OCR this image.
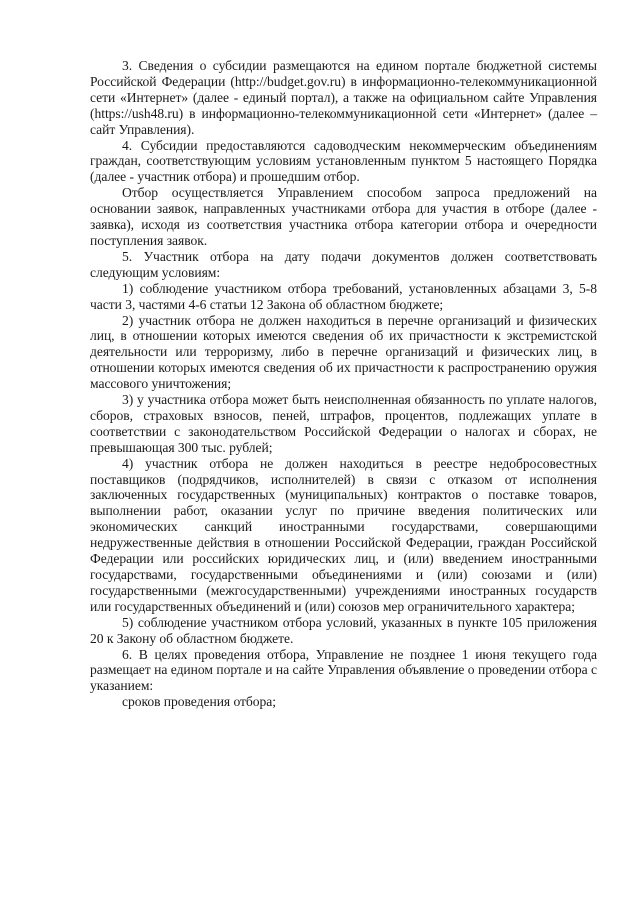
3. Сведения о субсидии размещаются на едином портале бюджетной системы Российской Федерации (http://budget.gov.ru) в информационно-телекоммуникационной сети «Интернет» (далее - единый портал), а также на официальном сайте Управления (https://ush48.ru) в информационно-телекоммуникационной сети «Интернет» (далее – сайт Управления).

4. Субсидии предоставляются садоводческим некоммерческим объединениям граждан, соответствующим условиям установленным пунктом 5 настоящего Порядка (далее - участник отбора) и прошедшим отбор.

Отбор осуществляется Управлением способом запроса предложений на основании заявок, направленных участниками отбора для участия в отборе (далее - заявка), исходя из соответствия участника отбора категории отбора и очередности поступления заявок.

5. Участник отбора на дату подачи документов должен соответствовать следующим условиям:

1) соблюдение участником отбора требований, установленных абзацами 3, 5-8 части 3, частями 4-6 статьи 12 Закона об областном бюджете;

2) участник отбора не должен находиться в перечне организаций и физических лиц, в отношении которых имеются сведения об их причастности к экстремистской деятельности или терроризму, либо в перечне организаций и физических лиц, в отношении которых имеются сведения об их причастности к распространению оружия массового уничтожения;

3) у участника отбора может быть неисполненная обязанность по уплате налогов, сборов, страховых взносов, пеней, штрафов, процентов, подлежащих уплате в соответствии с законодательством Российской Федерации о налогах и сборах, не превышающая 300 тыс. рублей;

4) участник отбора не должен находиться в реестре недобросовестных поставщиков (подрядчиков, исполнителей) в связи с отказом от исполнения заключенных государственных (муниципальных) контрактов о поставке товаров, выполнении работ, оказании услуг по причине введения политических или экономических санкций иностранными государствами, совершающими недружественные действия в отношении Российской Федерации, граждан Российской Федерации или российских юридических лиц, и (или) введением иностранными государствами, государственными объединениями и (или) союзами и (или) государственными (межгосударственными) учреждениями иностранных государств или государственных объединений и (или) союзов мер ограничительного характера;

5) соблюдение участником отбора условий, указанных в пункте 105 приложения 20 к Закону об областном бюджете.

6. В целях проведения отбора, Управление не позднее 1 июня текущего года размещает на едином портале и на сайте Управления объявление о проведении отбора с указанием:

сроков проведения отбора;
